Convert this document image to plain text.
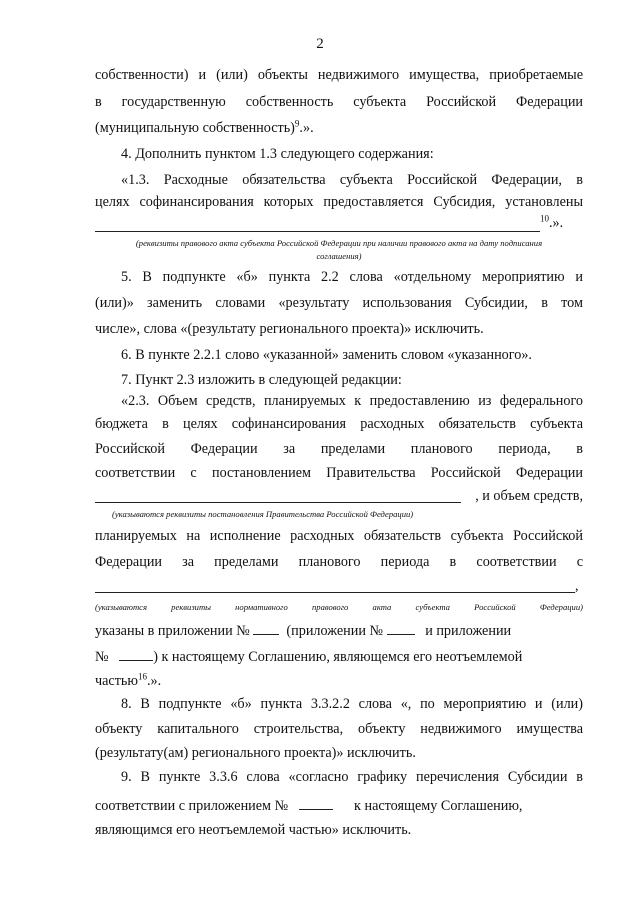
2
собственности) и (или) объекты недвижимого имущества, приобретаемые
в государственную собственность субъекта Российской Федерации
(муниципальную собственность)$^9$.».
4. Дополнить пунктом 1.3 следующего содержания:
«1.3. Расходные обязательства субъекта Российской Федерации, в
целях софинансирования которых предоставляется Субсидия, установлены
$^{10}$.».
(реквизиты правового акта субъекта Российской Федерации при наличии правового акта на дату подписания
соглашения)
5. В подпункте «б» пункта 2.2 слова «отдельному мероприятию и
(или)» заменить словами «результату использования Субсидии, в том
числе», слова «(результату регионального проекта)» исключить.
6. В пункте 2.2.1 слово «указанной» заменить словом «указанного».
7. Пункт 2.3 изложить в следующей редакции:
«2.3. Объем средств, планируемых к предоставлению из федерального
бюджета в целях софинансирования расходных обязательств субъекта
Российской Федерации за пределами планового периода, в
соответствии с постановлением Правительства Российской Федерации
, и объем средств,
(указываются реквизиты постановления Правительства Российской Федерации)
планируемых на исполнение расходных обязательств субъекта Российской
Федерации за пределами планового периода в соответствии с
,
(указываются реквизиты нормативного правового акта субъекта Российской Федерации)
указаны в приложении №	(приложении №	и приложении
№	) к настоящему Соглашению, являющемся его неотъемлемой
частью$^{16}$.».
8. В подпункте «б» пункта 3.3.2.2 слова «, по мероприятию и (или)
объекту капитального строительства, объекту недвижимого имущества
(результату(ам) регионального проекта)» исключить.
9. В пункте 3.3.6 слова «согласно графику перечисления Субсидии в
соответствии с приложением №	к настоящему Соглашению,
являющимся его неотъемлемой частью» исключить.
